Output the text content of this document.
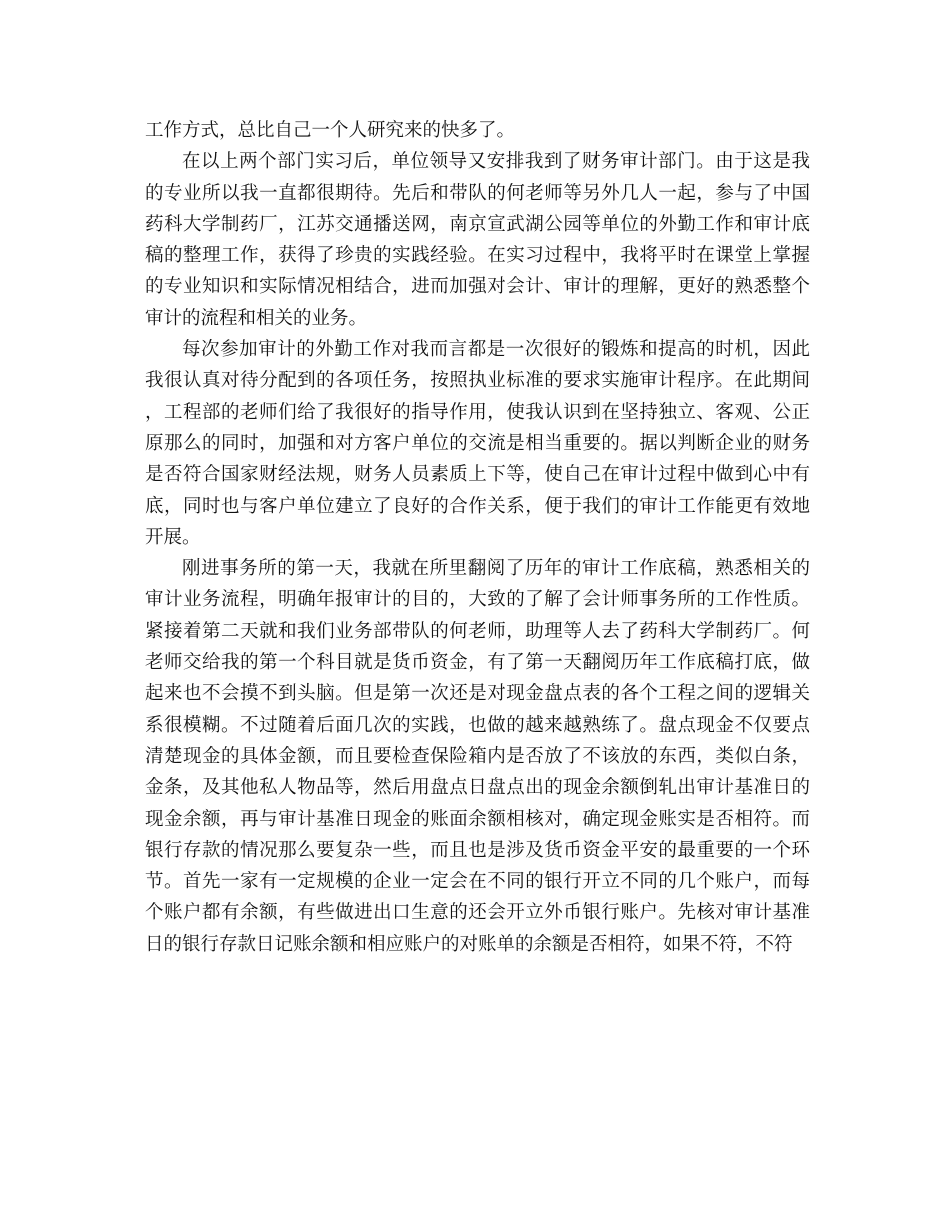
工作方式，总比自己一个人研究来的快多了。

在以上两个部门实习后，单位领导又安排我到了财务审计部门。由于这是我的专业所以我一直都很期待。先后和带队的何老师等另外几人一起，参与了中国药科大学制药厂，江苏交通播送网，南京宣武湖公园等单位的外勤工作和审计底稿的整理工作，获得了珍贵的实践经验。在实习过程中，我将平时在课堂上掌握的专业知识和实际情况相结合，进而加强对会计、审计的理解，更好的熟悉整个审计的流程和相关的业务。

每次参加审计的外勤工作对我而言都是一次很好的锻炼和提高的时机，因此我很认真对待分配到的各项任务，按照执业标准的要求实施审计程序。在此期间，工程部的老师们给了我很好的指导作用，使我认识到在坚持独立、客观、公正原那么的同时，加强和对方客户单位的交流是相当重要的。据以判断企业的财务是否符合国家财经法规，财务人员素质上下等，使自己在审计过程中做到心中有底，同时也与客户单位建立了良好的合作关系，便于我们的审计工作能更有效地开展。

刚进事务所的第一天，我就在所里翻阅了历年的审计工作底稿，熟悉相关的审计业务流程，明确年报审计的目的，大致的了解了会计师事务所的工作性质。紧接着第二天就和我们业务部带队的何老师，助理等人去了药科大学制药厂。何老师交给我的第一个科目就是货币资金，有了第一天翻阅历年工作底稿打底，做起来也不会摸不到头脑。但是第一次还是对现金盘点表的各个工程之间的逻辑关系很模糊。不过随着后面几次的实践，也做的越来越熟练了。盘点现金不仅要点清楚现金的具体金额，而且要检查保险箱内是否放了不该放的东西，类似白条，金条，及其他私人物品等，然后用盘点日盘点出的现金余额倒轧出审计基准日的现金余额，再与审计基准日现金的账面余额相核对，确定现金账实是否相符。而银行存款的情况那么要复杂一些，而且也是涉及货币资金平安的最重要的一个环节。首先一家有一定规模的企业一定会在不同的银行开立不同的几个账户，而每个账户都有余额，有些做进出口生意的还会开立外币银行账户。先核对审计基准日的银行存款日记账余额和相应账户的对账单的余额是否相符，如果不符，不符
